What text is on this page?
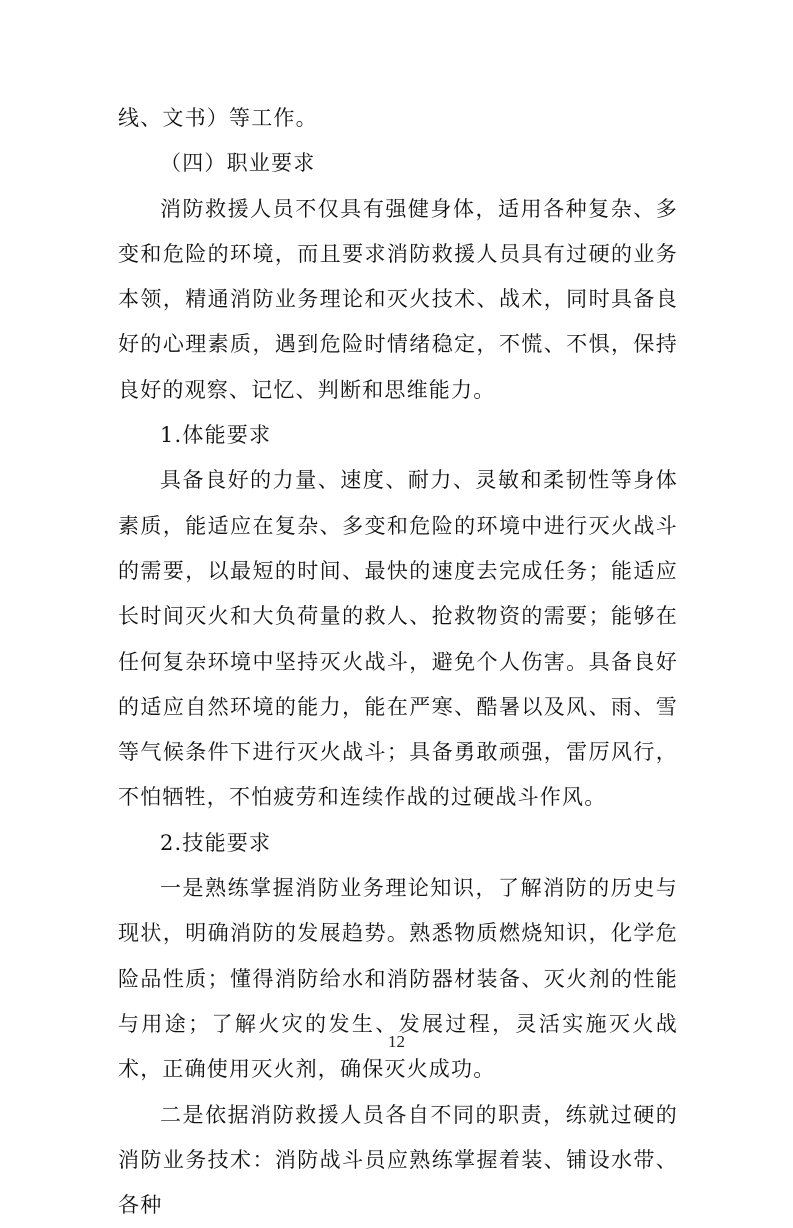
线、文书）等工作。

（四）职业要求

消防救援人员不仅具有强健身体，适用各种复杂、多变和危险的环境，而且要求消防救援人员具有过硬的业务本领，精通消防业务理论和灭火技术、战术，同时具备良好的心理素质，遇到危险时情绪稳定，不慌、不惧，保持良好的观察、记忆、判断和思维能力。

1.体能要求

具备良好的力量、速度、耐力、灵敏和柔韧性等身体素质，能适应在复杂、多变和危险的环境中进行灭火战斗的需要，以最短的时间、最快的速度去完成任务；能适应长时间灭火和大负荷量的救人、抢救物资的需要；能够在任何复杂环境中坚持灭火战斗，避免个人伤害。具备良好的适应自然环境的能力，能在严寒、酷暑以及风、雨、雪等气候条件下进行灭火战斗；具备勇敢顽强，雷厉风行，不怕牺牲，不怕疲劳和连续作战的过硬战斗作风。

2.技能要求

一是熟练掌握消防业务理论知识，了解消防的历史与现状，明确消防的发展趋势。熟悉物质燃烧知识，化学危险品性质；懂得消防给水和消防器材装备、灭火剂的性能与用途；了解火灾的发生、发展过程，灵活实施灭火战术，正确使用灭火剂，确保灭火成功。

二是依据消防救援人员各自不同的职责，练就过硬的消防业务技术：消防战斗员应熟练掌握着装、铺设水带、各种

12
